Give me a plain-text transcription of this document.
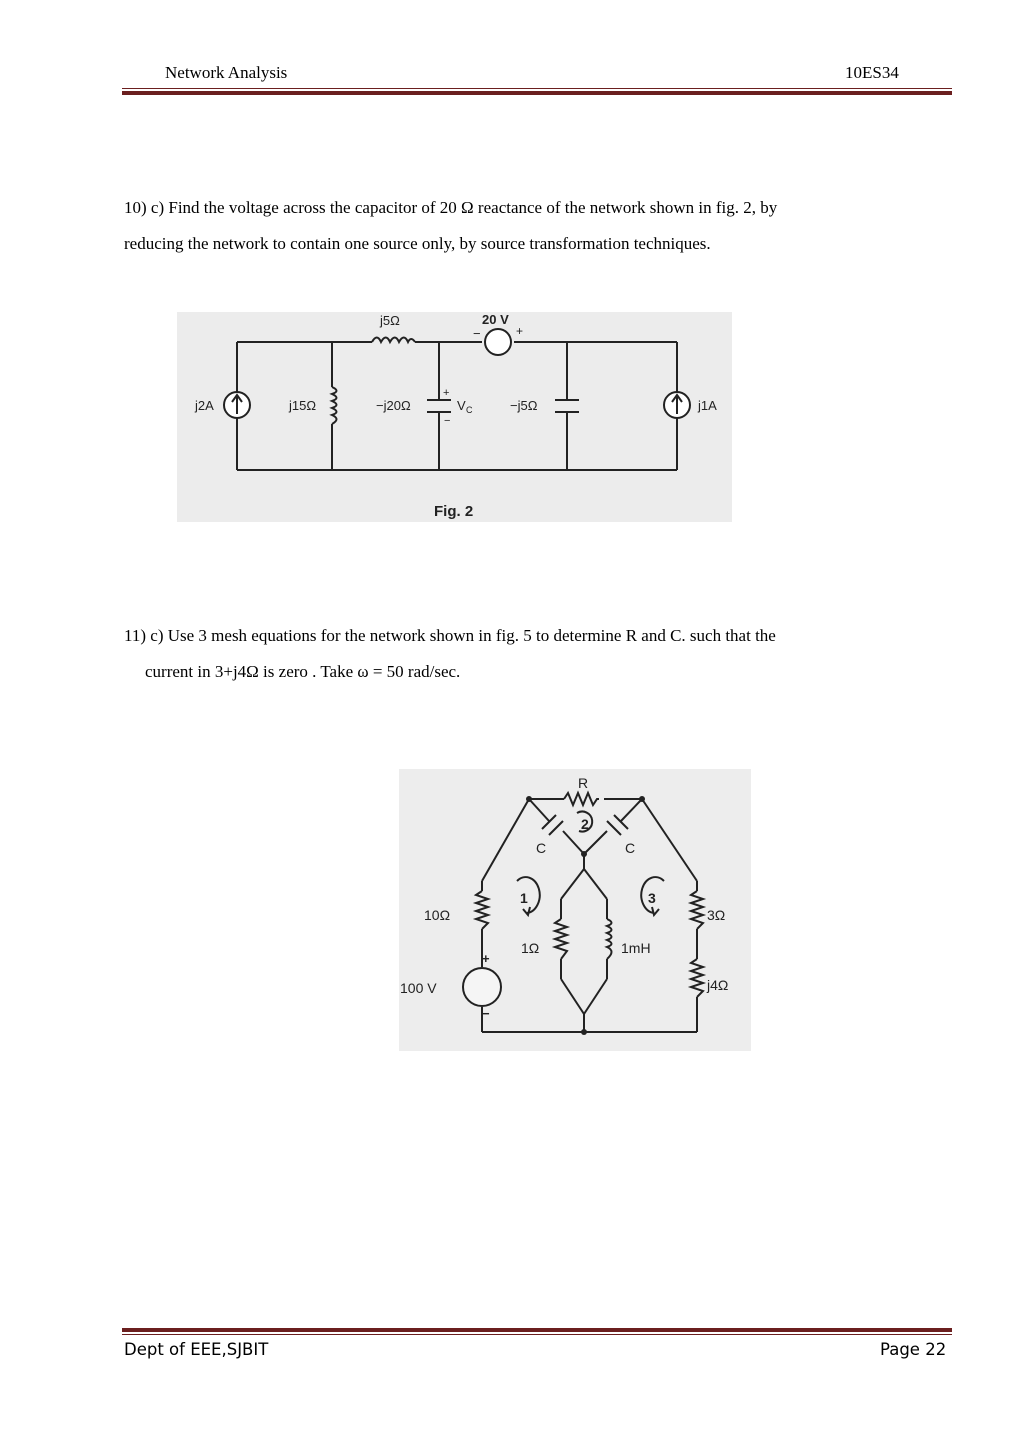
Network Analysis	10ES34
10) c) Find the voltage across the capacitor of 20 Ω reactance of the network shown in fig. 2, by
reducing the network to contain one source only, by source transformation techniques.
j5Ω	20 V
−	+
j2A	j15Ω	−j20Ω
+
V C
−
−j5Ω	j1A
Fig. 2
11) c) Use 3 mesh equations for the network shown in fig. 5 to determine R and C. such that the
current in 3+j4Ω is zero . Take ω = 50 rad/sec.
R
C	C
2
1	3
10Ω
1Ω	1mH
3Ω
j4Ω
100 V
+
−
Dept of EEE,SJBIT	Page 22
